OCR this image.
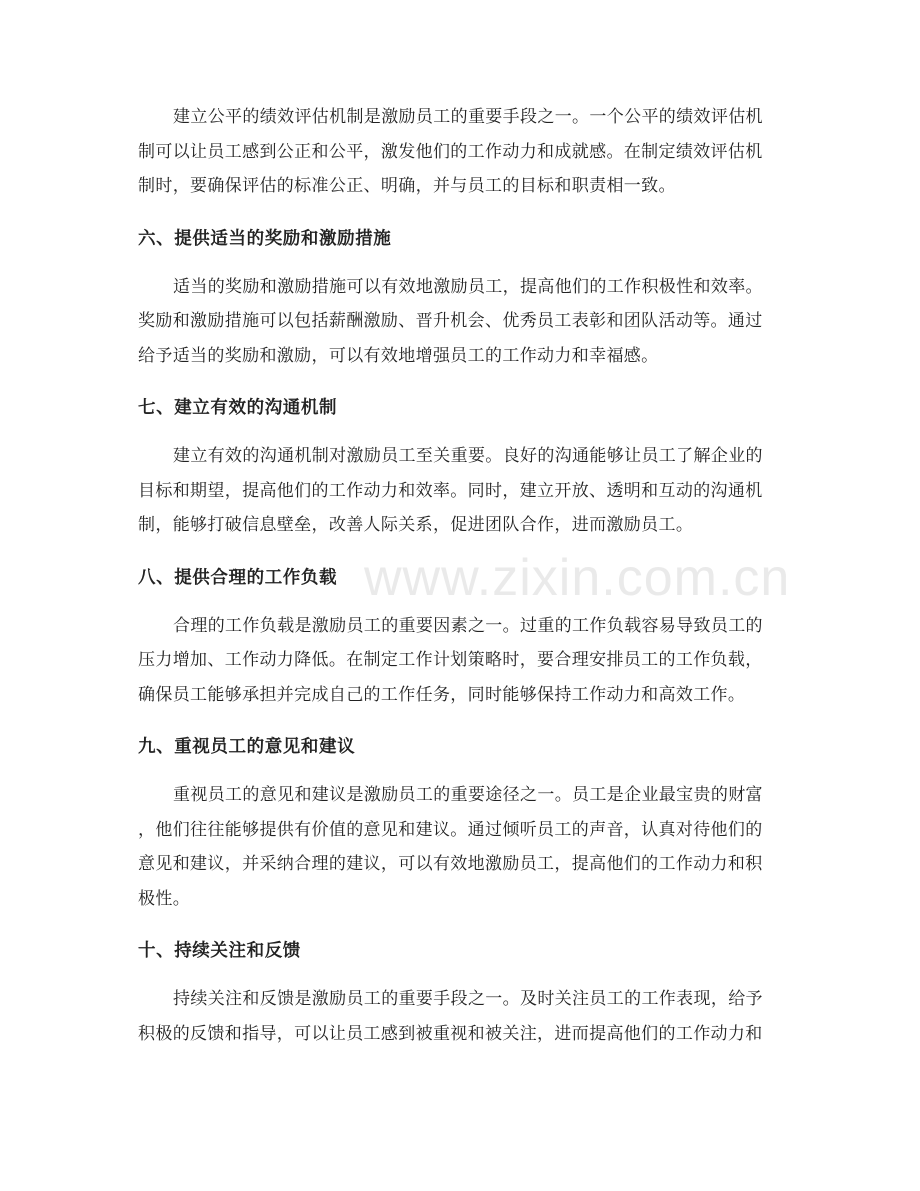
www.zixin.com.cn

建立公平的绩效评估机制是激励员工的重要手段之一。一个公平的绩效评估机
制可以让员工感到公正和公平，激发他们的工作动力和成就感。在制定绩效评估机
制时，要确保评估的标准公正、明确，并与员工的目标和职责相一致。

六、提供适当的奖励和激励措施

适当的奖励和激励措施可以有效地激励员工，提高他们的工作积极性和效率。
奖励和激励措施可以包括薪酬激励、晋升机会、优秀员工表彰和团队活动等。通过
给予适当的奖励和激励，可以有效地增强员工的工作动力和幸福感。

七、建立有效的沟通机制

建立有效的沟通机制对激励员工至关重要。良好的沟通能够让员工了解企业的
目标和期望，提高他们的工作动力和效率。同时，建立开放、透明和互动的沟通机
制，能够打破信息壁垒，改善人际关系，促进团队合作，进而激励员工。

八、提供合理的工作负载

合理的工作负载是激励员工的重要因素之一。过重的工作负载容易导致员工的
压力增加、工作动力降低。在制定工作计划策略时，要合理安排员工的工作负载，
确保员工能够承担并完成自己的工作任务，同时能够保持工作动力和高效工作。

九、重视员工的意见和建议

重视员工的意见和建议是激励员工的重要途径之一。员工是企业最宝贵的财富
，他们往往能够提供有价值的意见和建议。通过倾听员工的声音，认真对待他们的
意见和建议，并采纳合理的建议，可以有效地激励员工，提高他们的工作动力和积
极性。

十、持续关注和反馈

持续关注和反馈是激励员工的重要手段之一。及时关注员工的工作表现，给予
积极的反馈和指导，可以让员工感到被重视和被关注，进而提高他们的工作动力和
